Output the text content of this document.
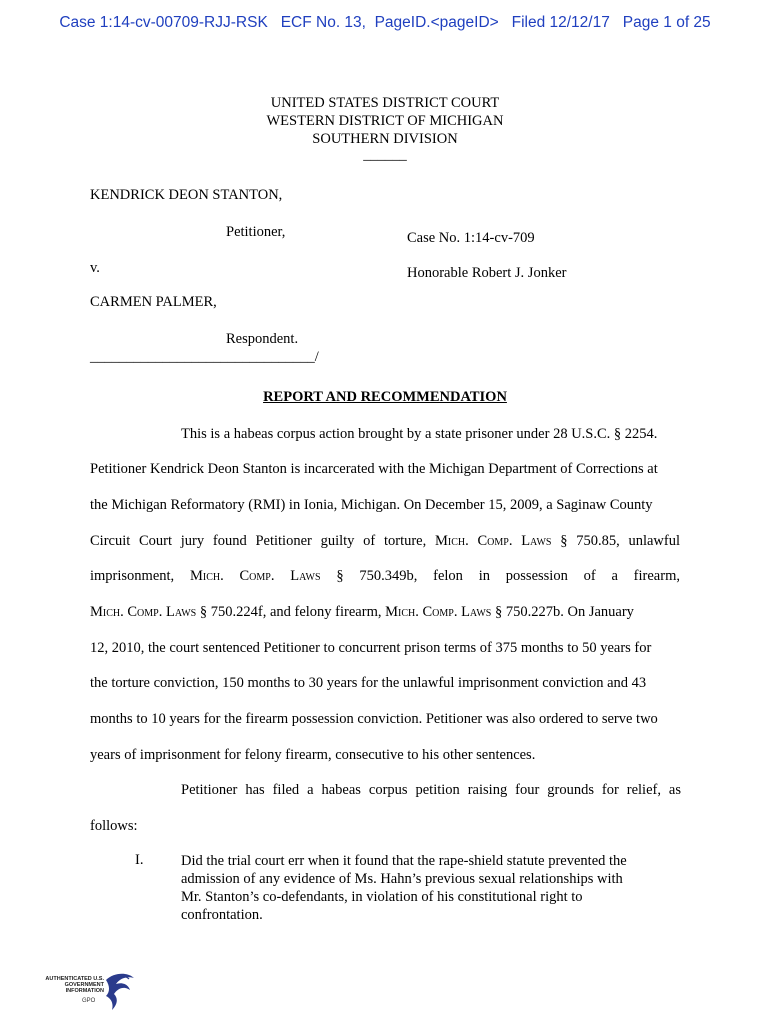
Case 1:14-cv-00709-RJJ-RSK   ECF No. 13,  PageID.<pageID>   Filed 12/12/17   Page 1 of 25
UNITED STATES DISTRICT COURT
WESTERN DISTRICT OF MICHIGAN
SOUTHERN DIVISION
______
KENDRICK DEON STANTON,
Petitioner,	Case No. 1:14-cv-709
v.	Honorable Robert J. Jonker
CARMEN PALMER,
Respondent.
_______________________________/
REPORT AND RECOMMENDATION
This is a habeas corpus action brought by a state prisoner under 28 U.S.C. § 2254.
Petitioner Kendrick Deon Stanton is incarcerated with the Michigan Department of Corrections at
the Michigan Reformatory (RMI) in Ionia, Michigan. On December 15, 2009, a Saginaw County
Circuit Court jury found Petitioner guilty of torture, Mich. Comp. Laws § 750.85, unlawful
imprisonment, Mich. Comp. Laws § 750.349b, felon in possession of a firearm,
Mich. Comp. Laws § 750.224f, and felony firearm, Mich. Comp. Laws § 750.227b. On January
12, 2010, the court sentenced Petitioner to concurrent prison terms of 375 months to 50 years for
the torture conviction, 150 months to 30 years for the unlawful imprisonment conviction and 43
months to 10 years for the firearm possession conviction. Petitioner was also ordered to serve two
years of imprisonment for felony firearm, consecutive to his other sentences.
Petitioner has filed a habeas corpus petition raising four grounds for relief, as
follows:
I.	Did the trial court err when it found that the rape-shield statute prevented the admission of any evidence of Ms. Hahn’s previous sexual relationships with Mr. Stanton’s co-defendants, in violation of his constitutional right to confrontation.
AUTHENTICATED U.S. GOVERNMENT INFORMATION
GPO
